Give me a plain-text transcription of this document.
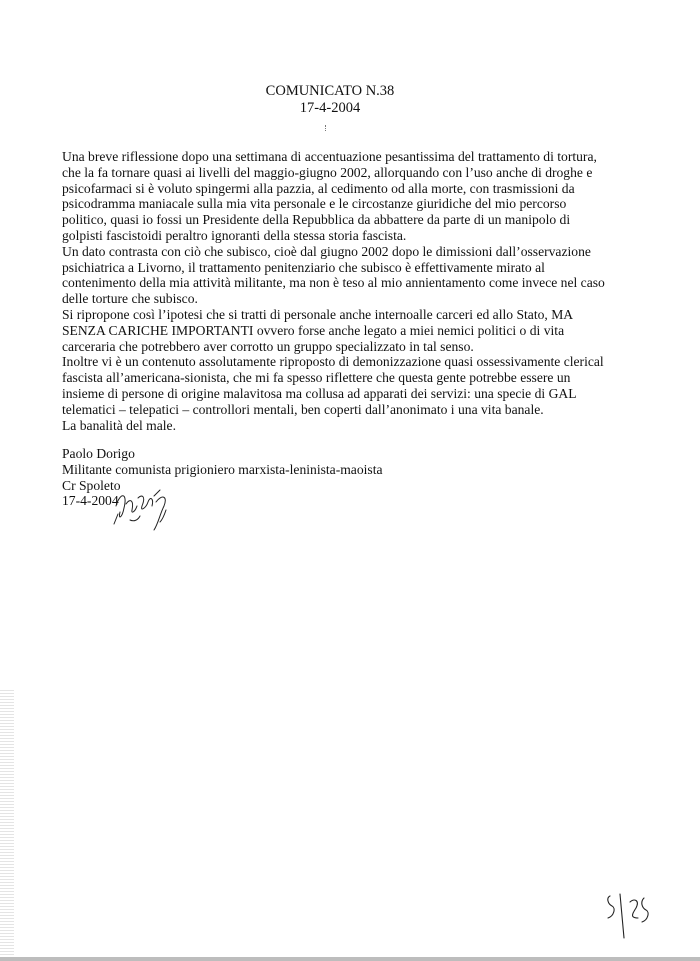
COMUNICATO N.38
17-4-2004
Una breve riflessione dopo una settimana di accentuazione pesantissima del trattamento di tortura,
che la fa tornare quasi ai livelli del maggio-giugno 2002, allorquando con l’uso anche di droghe e
psicofarmaci si è voluto spingermi alla pazzia, al cedimento od alla morte, con trasmissioni da
psicodramma maniacale sulla mia vita personale e le circostanze giuridiche del mio percorso
politico, quasi io fossi un Presidente della Repubblica da abbattere da parte di un manipolo di
golpisti fascistoidi peraltro ignoranti della stessa storia fascista.
Un dato contrasta con ciò che subisco, cioè dal giugno 2002 dopo le dimissioni dall’osservazione
psichiatrica a Livorno, il trattamento penitenziario che subisco è effettivamente mirato al
contenimento della mia attività militante, ma non è teso al mio annientamento come invece nel caso
delle torture che subisco.
Si ripropone così l’ipotesi che si tratti di personale anche internoalle carceri ed allo Stato, MA
SENZA CARICHE IMPORTANTI ovvero forse anche legato a miei nemici politici o di vita
carceraria che potrebbero aver corrotto un gruppo specializzato in tal senso.
Inoltre vi è un contenuto assolutamente riproposto di demonizzazione quasi ossessivamente clerical
fascista all’americana-sionista, che mi fa spesso riflettere che questa gente potrebbe essere un
insieme di persone di origine malavitosa ma collusa ad apparati dei servizi: una specie di GAL
telematici – telepatici – controllori mentali, ben coperti dall’anonimato i una vita banale.
La banalità del male.
Paolo Dorigo
Militante comunista prigioniero marxista-leninista-maoista
Cr Spoleto
17-4-2004
